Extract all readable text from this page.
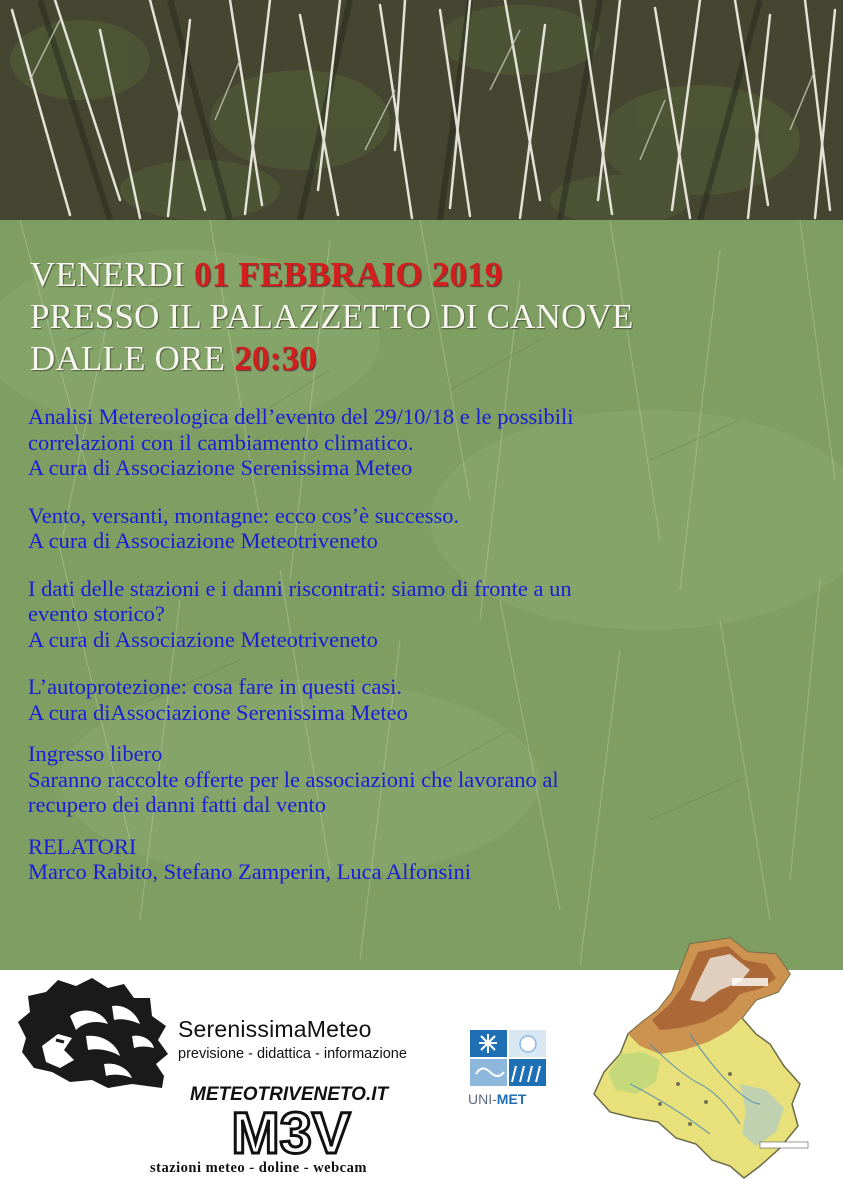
VENERDI 01 FEBBRAIO 2019
PRESSO IL PALAZZETTO DI CANOVE
DALLE ORE 20:30
Analisi Metereologica dell’evento del 29/10/18 e le possibili
correlazioni con il cambiamento climatico.
A cura di Associazione Serenissima Meteo
Vento, versanti, montagne: ecco cos’è successo.
A cura di Associazione Meteotriveneto
I dati delle stazioni e i danni riscontrati: siamo di fronte a un
evento storico?
A cura di Associazione Meteotriveneto
L’autoprotezione: cosa fare in questi casi.
A cura diAssociazione Serenissima Meteo
Ingresso libero
Saranno raccolte offerte per le associazioni che lavorano al
recupero dei danni fatti dal vento
RELATORI
Marco Rabito, Stefano Zamperin, Luca Alfonsini
SerenissimaMeteo
previsione - didattica - informazione
METEOTRIVENETO.IT
M3V
stazioni meteo - doline - webcam
UNI-MET
